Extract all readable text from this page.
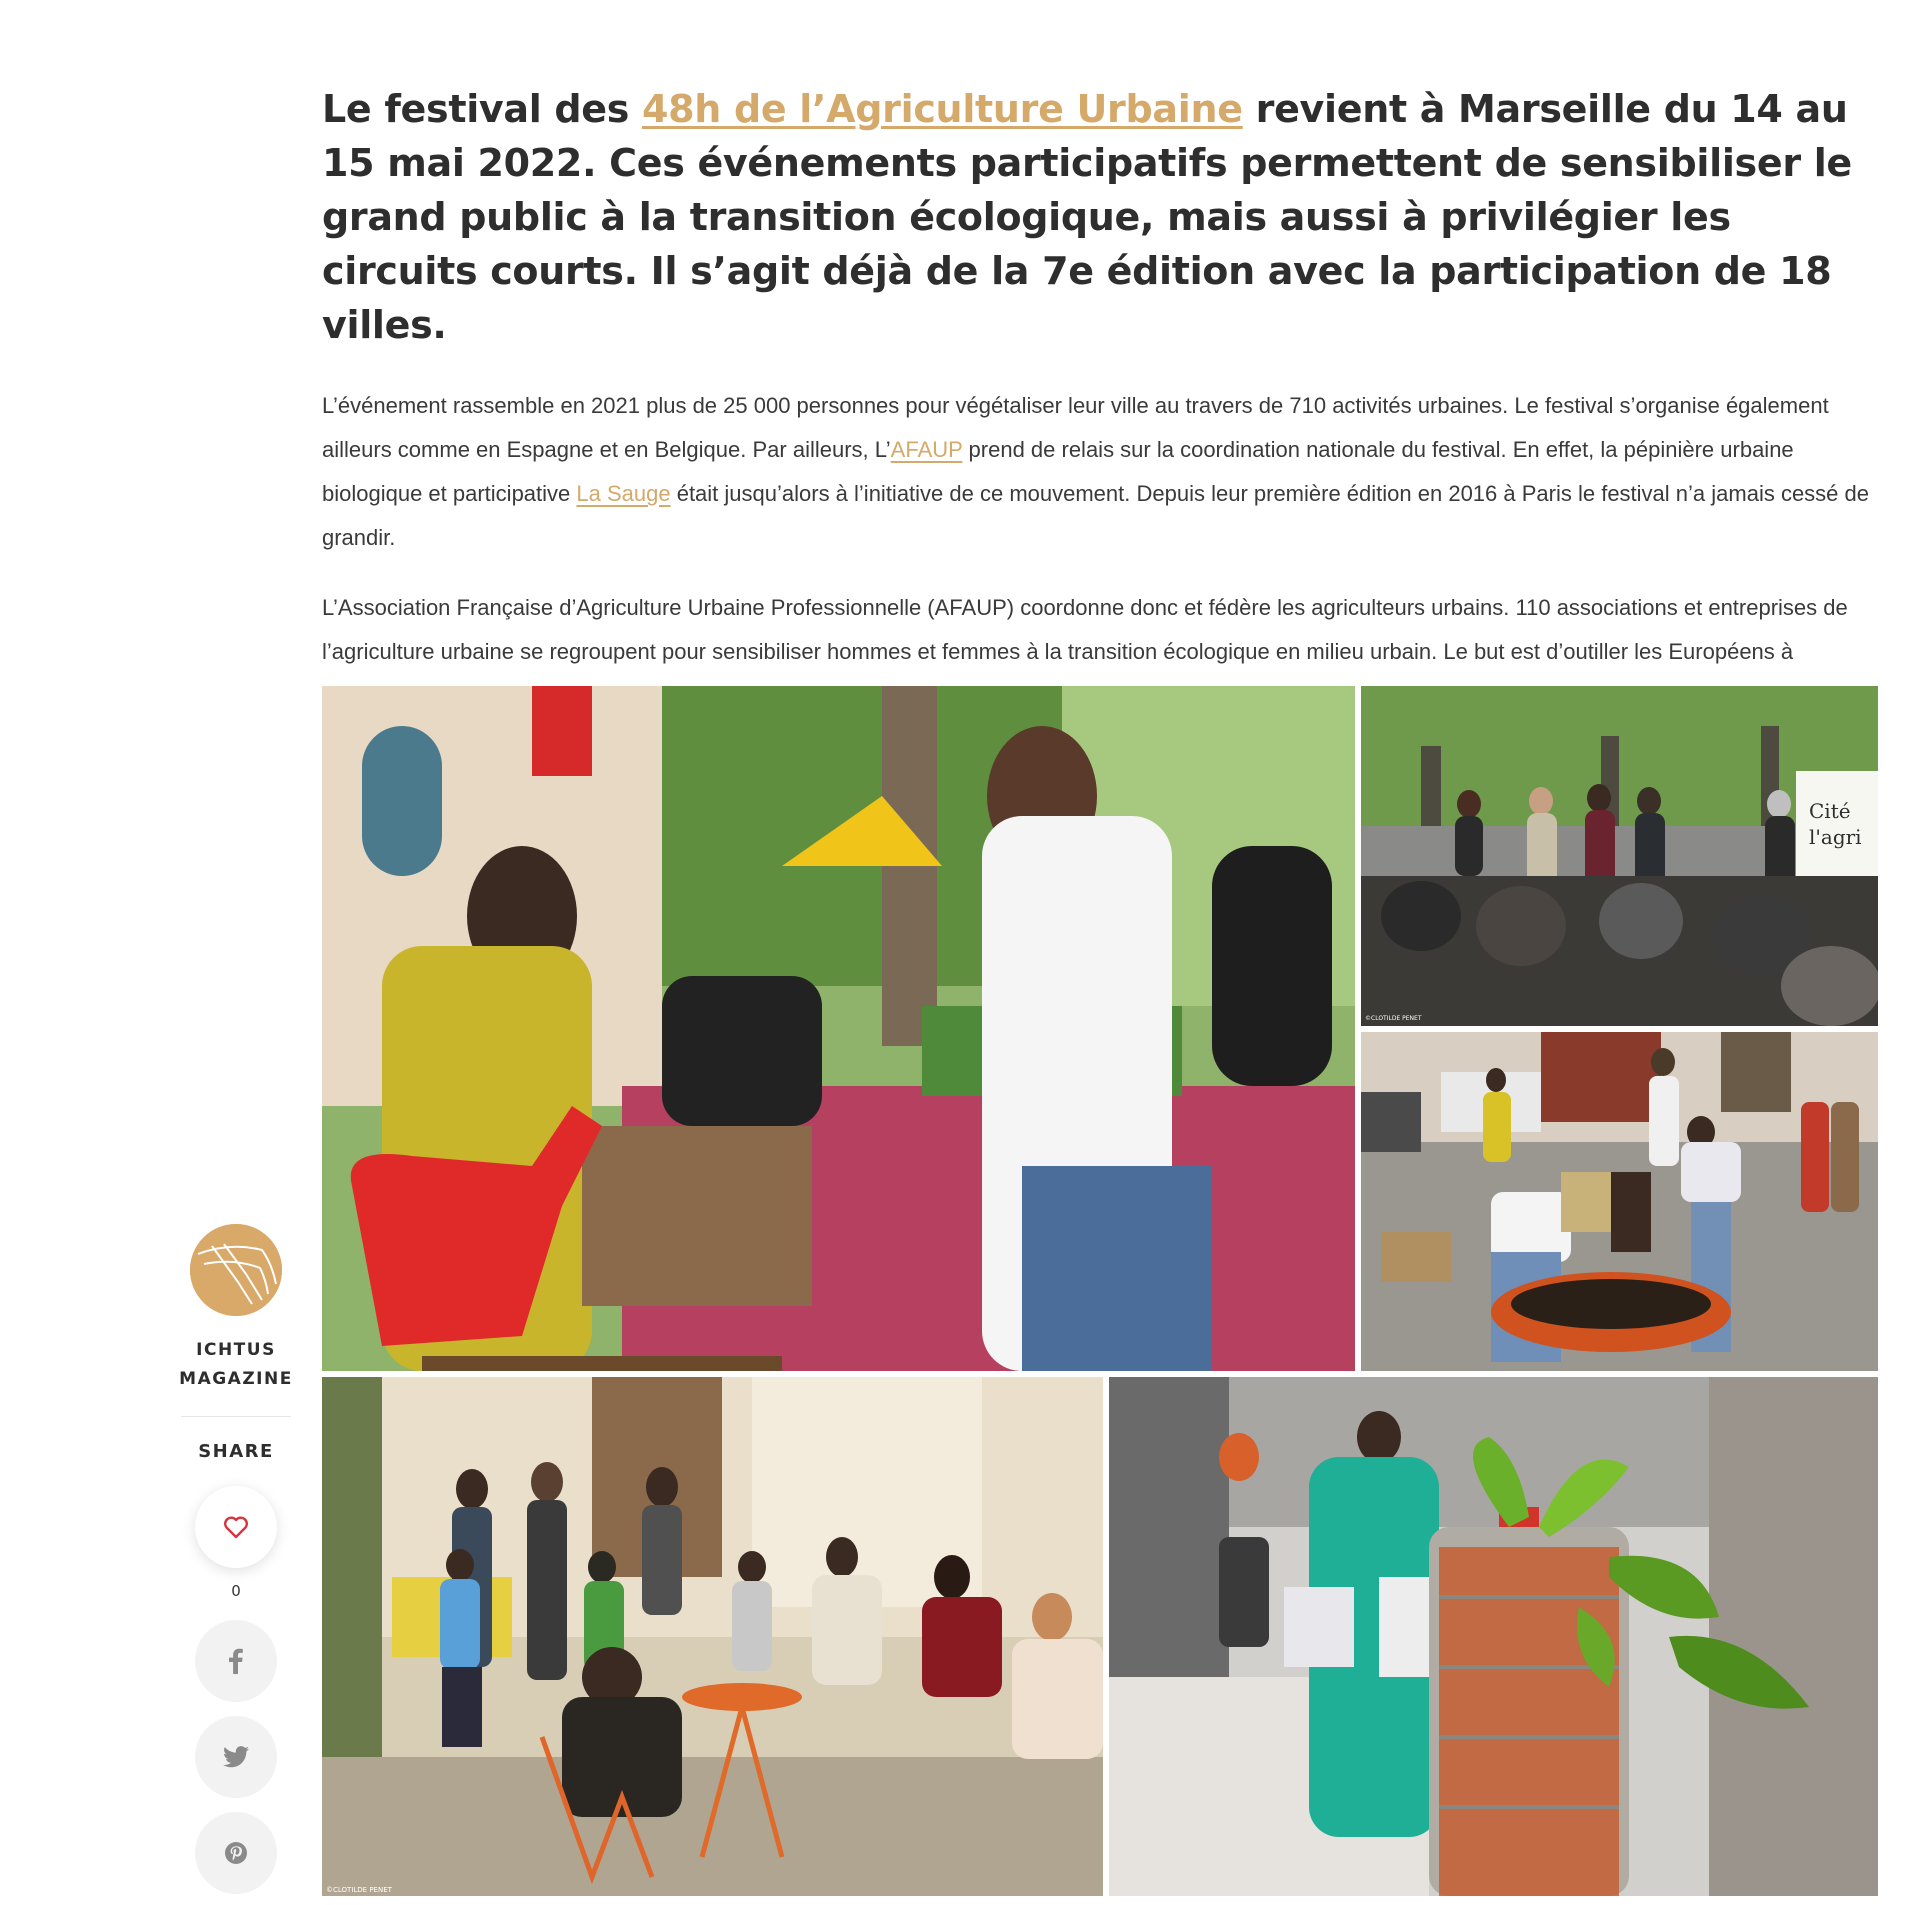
Le festival des 48h de l’Agriculture Urbaine revient à Marseille du 14 au 15 mai 2022. Ces événements participatifs permettent de sensibiliser le grand public à la transition écologique, mais aussi à privilégier les circuits courts. Il s’agit déjà de la 7e édition avec la participation de 18 villes.

L’événement rassemble en 2021 plus de 25 000 personnes pour végétaliser leur ville au travers de 710 activités urbaines. Le festival s’organise également ailleurs comme en Espagne et en Belgique. Par ailleurs, L’AFAUP prend de relais sur la coordination nationale du festival. En effet, la pépinière urbaine biologique et participative La Sauge était jusqu’alors à l’initiative de ce mouvement. Depuis leur première édition en 2016 à Paris le festival n’a jamais cessé de grandir.

L’Association Française d’Agriculture Urbaine Professionnelle (AFAUP) coordonne donc et fédère les agriculteurs urbains. 110 associations et entreprises de l’agriculture urbaine se regroupent pour sensibiliser hommes et femmes à la transition écologique en milieu urbain. Le but est d’outiller les Européens à

Cité
l'agri
©CLOTILDE PENET
©CLOTILDE PENET
ICHTUS
MAGAZINE
SHARE
0
